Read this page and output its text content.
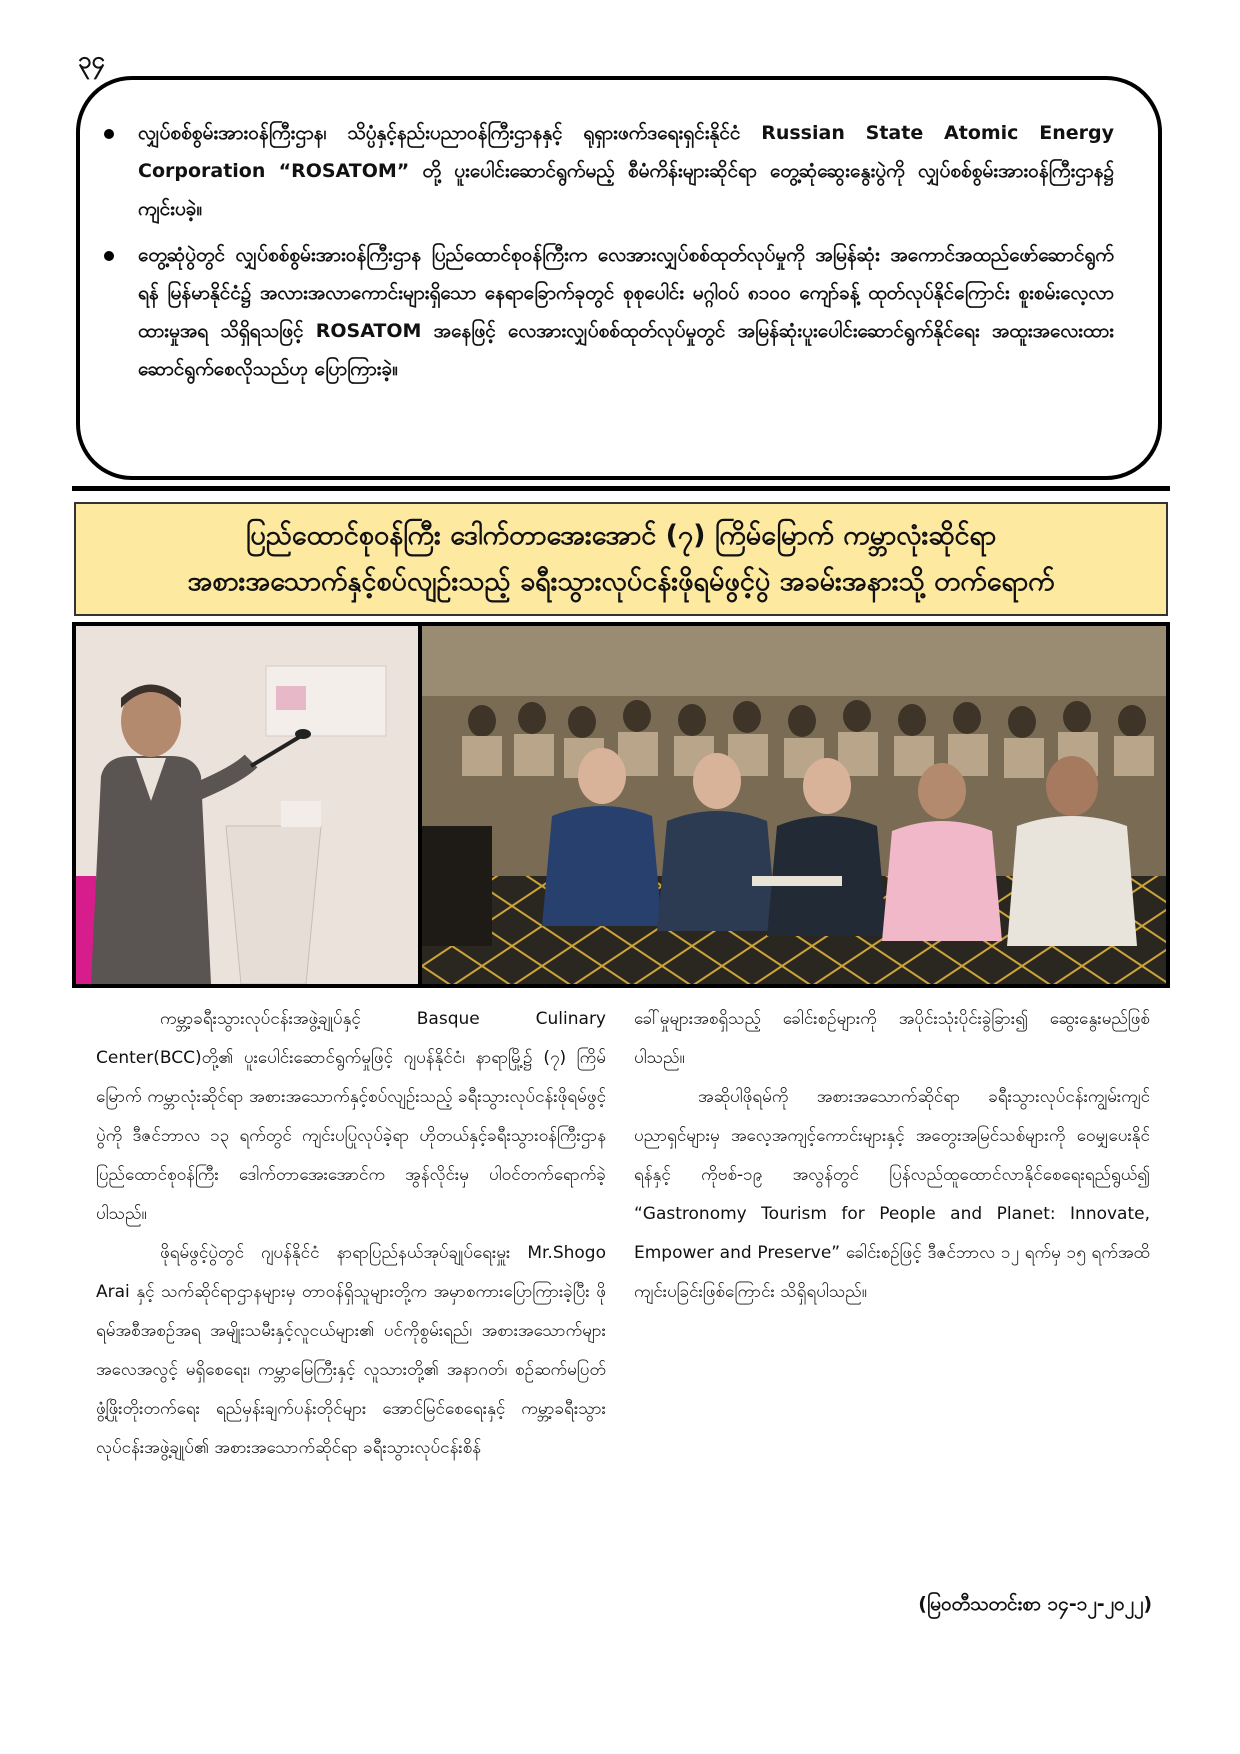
၃၄
လျှပ်စစ်စွမ်းအားဝန်ကြီးဌာန၊ သိပ္ပံနှင့်နည်းပညာဝန်ကြီးဌာနနှင့် ရုရှားဖက်ဒရေးရှင်းနိုင်ငံ Russian State Atomic Energy Corporation “ROSATOM” တို့ ပူးပေါင်းဆောင်ရွက်မည့် စီမံကိန်းများဆိုင်ရာ တွေ့ဆုံဆွေးနွေးပွဲကို လျှပ်စစ်စွမ်းအားဝန်ကြီးဌာန၌ ကျင်းပခဲ့။
တွေ့ဆုံပွဲတွင် လျှပ်စစ်စွမ်းအားဝန်ကြီးဌာန ပြည်ထောင်စုဝန်ကြီးက လေအားလျှပ်စစ်ထုတ်လုပ်မှုကို အမြန်ဆုံး အကောင်အထည်ဖော်ဆောင်ရွက်ရန် မြန်မာနိုင်ငံ၌ အလားအလာကောင်းများရှိသော နေရာခြောက်ခုတွင် စုစုပေါင်း မဂ္ဂါဝပ် ၈၁၀၀ ကျော်ခန့် ထုတ်လုပ်နိုင်ကြောင်း စူးစမ်းလေ့လာထားမှုအရ သိရှိရသဖြင့် ROSATOM အနေဖြင့် လေအားလျှပ်စစ်ထုတ်လုပ်မှုတွင် အမြန်ဆုံးပူးပေါင်းဆောင်ရွက်နိုင်ရေး အထူးအလေးထားဆောင်ရွက်စေလိုသည်ဟု ပြောကြားခဲ့။
ပြည်ထောင်စုဝန်ကြီး ဒေါက်တာအေးအောင် (၇) ကြိမ်မြောက် ကမ္ဘာလုံးဆိုင်ရာ
အစားအသောက်နှင့်စပ်လျဉ်းသည့် ခရီးသွားလုပ်ငန်းဖိုရမ်ဖွင့်ပွဲ အခမ်းအနားသို့ တက်ရောက်

ကမ္ဘာ့ခရီးသွားလုပ်ငန်းအဖွဲ့ချုပ်နှင့် Basque Culinary Center(BCC)တို့၏ ပူးပေါင်းဆောင်ရွက်မှုဖြင့် ဂျပန်နိုင်ငံ၊ နာရာမြို့၌ (၇) ကြိမ်မြောက် ကမ္ဘာလုံးဆိုင်ရာ အစားအသောက်နှင့်စပ်လျဉ်းသည့် ခရီးသွားလုပ်ငန်းဖိုရမ်ဖွင့်ပွဲကို ဒီဇင်ဘာလ ၁၃ ရက်တွင် ကျင်းပပြုလုပ်ခဲ့ရာ ဟိုတယ်နှင့်ခရီးသွားဝန်ကြီးဌာန ပြည်ထောင်စုဝန်ကြီး ဒေါက်တာအေးအောင်က အွန်လိုင်းမှ ပါဝင်တက်ရောက်ခဲ့ပါသည်။

ဖိုရမ်ဖွင့်ပွဲတွင် ဂျပန်နိုင်ငံ နာရာပြည်နယ်အုပ်ချုပ်ရေးမှူး Mr.Shogo Arai နှင့် သက်ဆိုင်ရာဌာနများမှ တာဝန်ရှိသူများတို့က အမှာစကားပြောကြားခဲ့ပြီး ဖိုရမ်အစီအစဉ်အရ အမျိုးသမီးနှင့်လူငယ်များ၏ ပင်ကိုစွမ်းရည်၊ အစားအသောက်များ အလေအလွင့် မရှိစေရေး၊ ကမ္ဘာမြေကြီးနှင့် လူသားတို့၏ အနာဂတ်၊ စဉ်ဆက်မပြတ် ဖွံ့ဖြိုးတိုးတက်ရေး ရည်မှန်းချက်ပန်းတိုင်များ အောင်မြင်စေရေးနှင့် ကမ္ဘာ့ခရီးသွားလုပ်ငန်းအဖွဲ့ချုပ်၏ အစားအသောက်ဆိုင်ရာ ခရီးသွားလုပ်ငန်းစိန်

ခေါ်မှုများအစရှိသည့် ခေါင်းစဉ်များကို အပိုင်းသုံးပိုင်းခွဲခြား၍ ဆွေးနွေးမည်ဖြစ်ပါသည်။

အဆိုပါဖိုရမ်ကို အစားအသောက်ဆိုင်ရာ ခရီးသွားလုပ်ငန်းကျွမ်းကျင်ပညာရှင်များမှ အလေ့အကျင့်ကောင်းများနှင့် အတွေးအမြင်သစ်များကို ဝေမျှပေးနိုင်ရန်နှင့် ကိုဗစ်-၁၉ အလွန်တွင် ပြန်လည်ထူထောင်လာနိုင်စေရေးရည်ရွယ်၍ “Gastronomy Tourism for People and Planet: Innovate, Empower and Preserve” ခေါင်းစဉ်ဖြင့် ဒီဇင်ဘာလ ၁၂ ရက်မှ ၁၅ ရက်အထိ ကျင်းပခြင်းဖြစ်ကြောင်း သိရှိရပါသည်။

(မြဝတီသတင်းစာ ၁၄-၁၂-၂၀၂၂)
